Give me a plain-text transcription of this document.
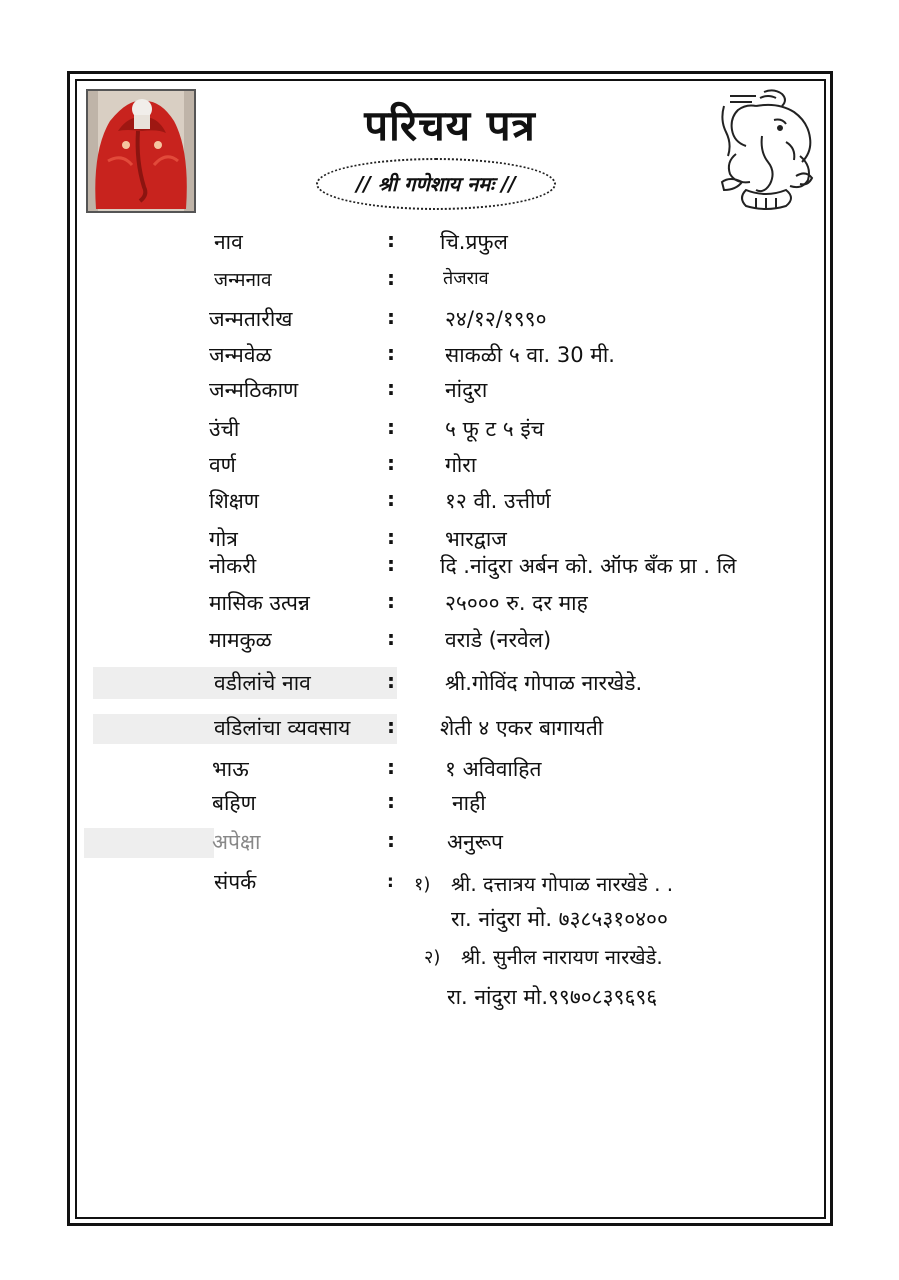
परिचय पत्र
// श्री गणेशाय नमः //
नाव	: चि.प्रफुल
जन्मनाव	:	तेजराव
जन्मतारीख	: २४/१२/१९९०
जन्मवेळ	: साकळी ५ वा. 30 मी.
जन्मठिकाण	: नांदुरा
उंची	: ५ फू ट ५ इंच
वर्ण	: गोरा
शिक्षण	: १२ वी. उत्तीर्ण
गोत्र	: भारद्वाज
नोकरी	: दि .नांदुरा अर्बन को. ऑफ बँक प्रा . लि
मासिक उत्पन्न	: २५००० रु. दर माह
मामकुळ	: वराडे (नरवेल)
वडीलांचे नाव	: श्री.गोविंद गोपाळ नारखेडे.
वडिलांचा व्यवसाय : शेती ४ एकर बागायती
भाऊ	: १ अविवाहित
बहिण	:	नाही
अपेक्षा	: अनुरूप
संपर्क	: १) श्री. दत्तात्रय गोपाळ नारखेडे . .
रा. नांदुरा मो. ७३८५३१०४००
२) श्री. सुनील नारायण नारखेडे.
रा. नांदुरा मो.९९७०८३९६९६
